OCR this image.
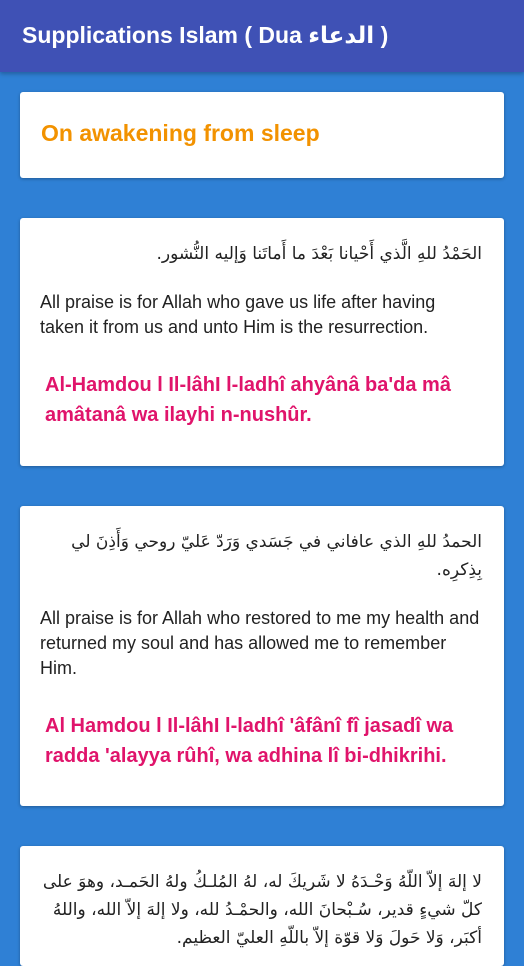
Supplications Islam ( Dua الدعاء )
On awakening from sleep

الحَمْدُ للهِ الَّذي أَحْيانا بَعْدَ ما أَماتَنا وَإليه النُّشور.

All praise is for Allah who gave us life after having taken it from us and unto Him is the resurrection.

Al-Hamdou l Il-lâhI l-ladhî ahyânâ ba'da mâ amâtanâ wa ilayhi n-nushûr.

الحمدُ للهِ الذي عافاني في جَسَدي وَرَدّ عَليّ روحي وَأَذِنَ لي بِذِكرِه.

All praise is for Allah who restored to me my health and returned my soul and has allowed me to remember Him.

Al Hamdou l Il-lâhI l-ladhî 'âfânî fî jasadî wa radda 'alayya rûhî, wa adhina lî bi-dhikrihi.

لا إلهَ إلاّ اللّهُ وَحْـدَهُ لا شَريكَ له، لهُ المُلـكُ ولهُ الحَمـد، وهوَ على كلّ شيءٍ قدير، سُـبْحانَ الله، والحمْـدُ لله، ولا إلهَ إلاّ الله، واللهُ أكبَر، وَلا حَولَ وَلا قوّة إلاّ باللّهِ العليّ العظيم.
